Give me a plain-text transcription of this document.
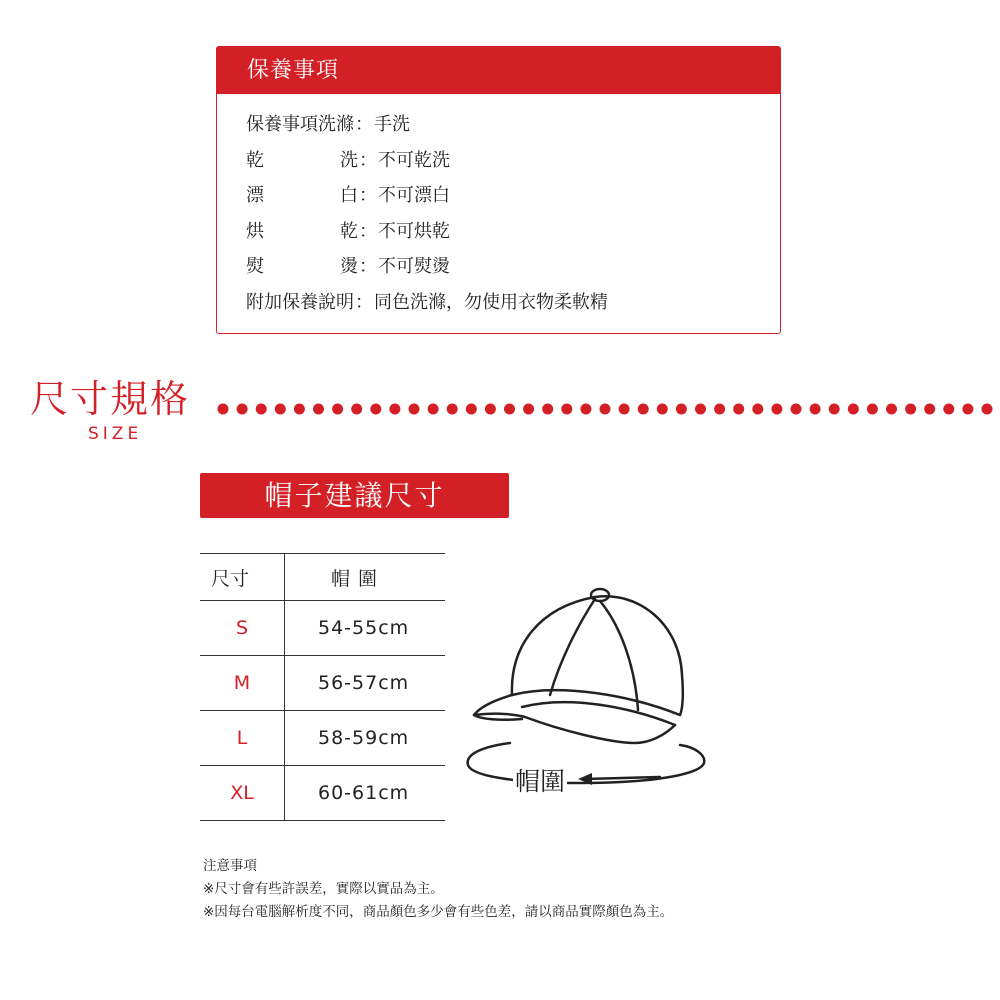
保養事項
保養事項洗滌 ： 手洗
乾	洗 ： 不可乾洗
漂	白 ： 不可漂白
烘	乾 ： 不可烘乾
熨	燙 ： 不可熨燙
附加保養說明 ： 同色洗滌，勿使用衣物柔軟精
尺寸規格
SIZE
帽子建議尺寸
尺寸	帽圍
S	54-55cm
M	56-57cm
L	58-59cm
XL	60-61cm	帽圍
注意事項
※尺寸會有些許誤差，實際以實品為主。
※因每台電腦解析度不同，商品顏色多少會有些色差，請以商品實際顏色為主。
